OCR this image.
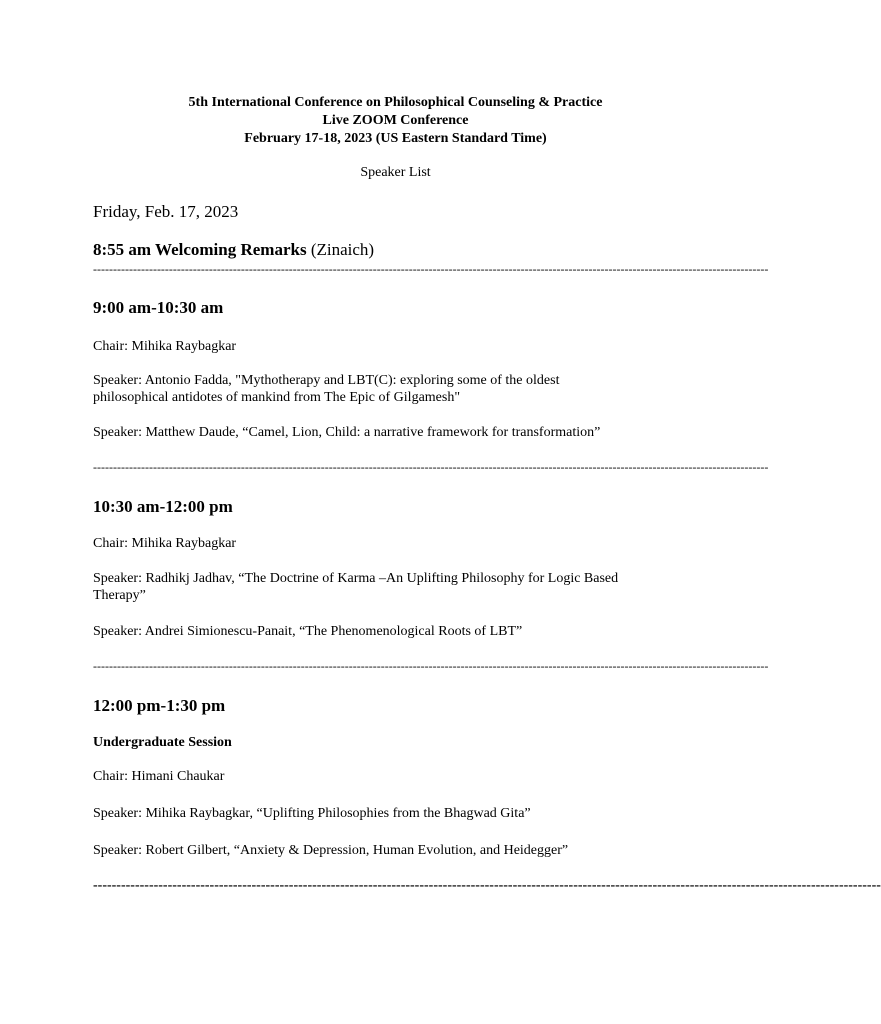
5th International Conference on Philosophical Counseling & Practice
Live ZOOM Conference
February 17-18, 2023 (US Eastern Standard Time)
Speaker List
Friday, Feb. 17, 2023
8:55 am Welcoming Remarks (Zinaich)
-------------------------------------------------------------------------------------------------------------------------------------------------------------------------
9:00 am-10:30 am
Chair: Mihika Raybagkar
Speaker: Antonio Fadda, "Mythotherapy and LBT(C): exploring some of the oldest
philosophical antidotes of mankind from The Epic of Gilgamesh"
Speaker: Matthew Daude, “Camel, Lion, Child: a narrative framework for transformation”
-------------------------------------------------------------------------------------------------------------------------------------------------------------------------
10:30 am-12:00 pm
Chair: Mihika Raybagkar
Speaker: Radhikj Jadhav, “The Doctrine of Karma –An Uplifting Philosophy for Logic Based
Therapy”
Speaker: Andrei Simionescu-Panait, “The Phenomenological Roots of LBT”
-------------------------------------------------------------------------------------------------------------------------------------------------------------------------
12:00 pm-1:30 pm
Undergraduate Session
Chair: Himani Chaukar
Speaker: Mihika Raybagkar, “Uplifting Philosophies from the Bhagwad Gita”
Speaker: Robert Gilbert, “Anxiety & Depression, Human Evolution, and Heidegger”
-------------------------------------------------------------------------------------------------------------------------------------------------------------------------
